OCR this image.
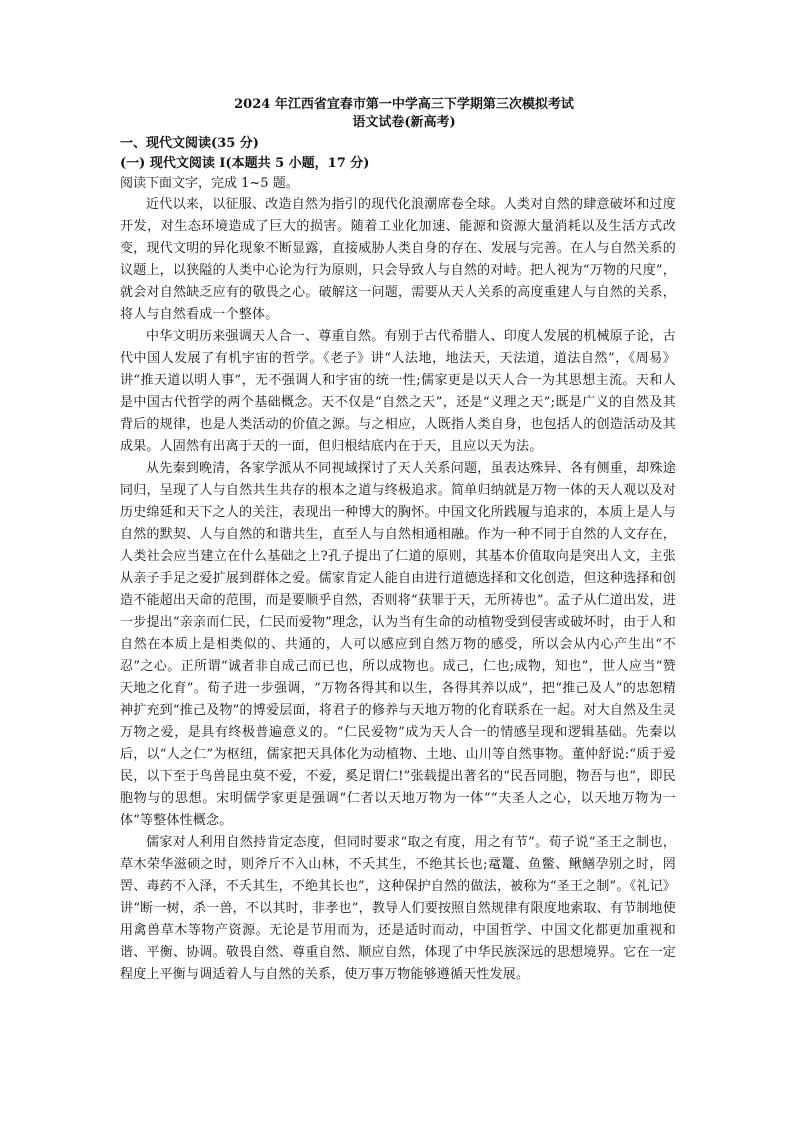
2024 年江西省宜春市第一中学高三下学期第三次模拟考试

语文试卷(新高考)

一、现代文阅读(35 分)

(一) 现代文阅读 I(本题共 5 小题，17 分)

阅读下面文字，完成 1~5 题。

近代以来，以征服、改造自然为指引的现代化浪潮席卷全球。人类对自然的肆意破坏和过度开发，对生态环境造成了巨大的损害。随着工业化加速、能源和资源大量消耗以及生活方式改变，现代文明的异化现象不断显露，直接威胁人类自身的存在、发展与完善。在人与自然关系的议题上，以狭隘的人类中心论为行为原则，只会导致人与自然的对峙。把人视为“万物的尺度”，就会对自然缺乏应有的敬畏之心。破解这一问题，需要从天人关系的高度重建人与自然的关系，将人与自然看成一个整体。

中华文明历来强调天人合一、尊重自然。有别于古代希腊人、印度人发展的机械原子论，古代中国人发展了有机宇宙的哲学。《老子》讲“人法地，地法天，天法道，道法自然”，《周易》讲“推天道以明人事”，无不强调人和宇宙的统一性;儒家更是以天人合一为其思想主流。天和人是中国古代哲学的两个基础概念。天不仅是“自然之天”，还是“义理之天”;既是广义的自然及其背后的规律，也是人类活动的价值之源。与之相应，人既指人类自身，也包括人的创造活动及其成果。人固然有出离于天的一面，但归根结底内在于天，且应以天为法。

从先秦到晚清，各家学派从不同视域探讨了天人关系问题，虽表达殊异、各有侧重，却殊途同归，呈现了人与自然共生共存的根本之道与终极追求。简单归纳就是万物一体的天人观以及对历史绵延和天下之人的关注，表现出一种博大的胸怀。中国文化所践履与追求的，本质上是人与自然的默契、人与自然的和谐共生，直至人与自然相通相融。作为一种不同于自然的人文存在，人类社会应当建立在什么基础之上?孔子提出了仁道的原则，其基本价值取向是突出人文，主张从亲子手足之爱扩展到群体之爱。儒家肯定人能自由进行道德选择和文化创造，但这种选择和创造不能超出天命的范围，而是要顺乎自然，否则将“获罪于天，无所祷也”。孟子从仁道出发，进一步提出“亲亲而仁民，仁民而爱物”理念，认为当有生命的动植物受到侵害或破坏时，由于人和自然在本质上是相类似的、共通的，人可以感应到自然万物的感受，所以会从内心产生出“不忍”之心。正所谓“诚者非自成己而已也，所以成物也。成己，仁也;成物，知也”，世人应当“赞天地之化育”。荀子进一步强调，“万物各得其和以生，各得其养以成”，把“推己及人”的忠恕精神扩充到“推己及物”的博爱层面，将君子的修养与天地万物的化育联系在一起。对大自然及生灵万物之爱，是具有终极普遍意义的。“仁民爱物”成为天人合一的情感呈现和逻辑基础。先秦以后，以“人之仁”为枢纽，儒家把天具体化为动植物、土地、山川等自然事物。董仲舒说:“质于爱民，以下至于鸟兽昆虫莫不爱，不爱，奚足谓仁!”张载提出著名的“民吾同胞，物吾与也”，即民胞物与的思想。宋明儒学家更是强调“仁者以天地万物为一体”“夫圣人之心，以天地万物为一体”等整体性概念。

儒家对人利用自然持肯定态度，但同时要求“取之有度，用之有节”。荀子说“圣王之制也，草木荣华滋硕之时，则斧斤不入山林，不夭其生，不绝其长也;鼋鼍、鱼鳖、鳅鳝孕别之时，罔罟、毒药不入泽，不夭其生，不绝其长也”，这种保护自然的做法，被称为“圣王之制”。《礼记》讲“断一树，杀一兽，不以其时，非孝也”，教导人们要按照自然规律有限度地索取、有节制地使用禽兽草木等物产资源。无论是节用而为，还是适时而动，中国哲学、中国文化都更加重视和谐、平衡、协调。敬畏自然、尊重自然、顺应自然，体现了中华民族深远的思想境界。它在一定程度上平衡与调适着人与自然的关系，使万事万物能够遵循天性发展。
